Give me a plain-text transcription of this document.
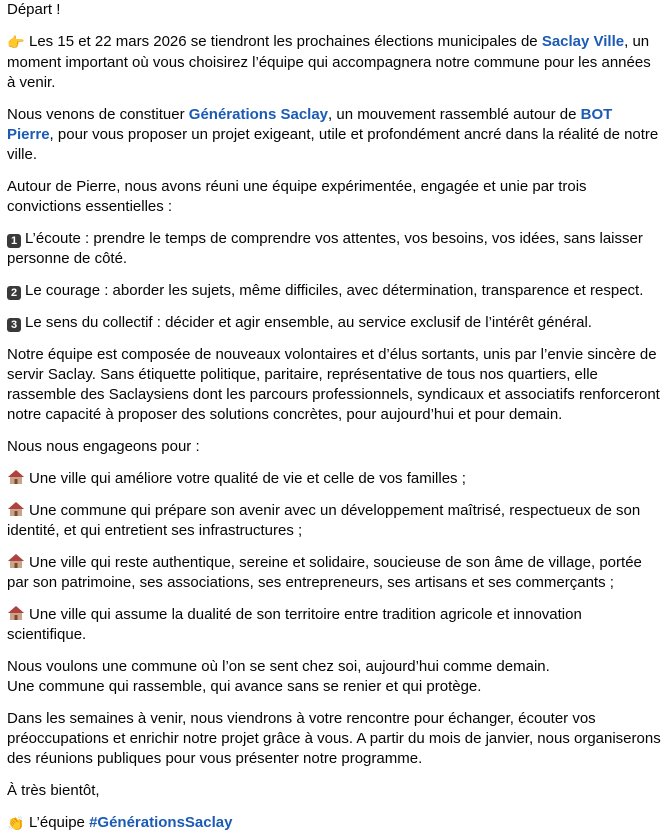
Départ !

👉 Les 15 et 22 mars 2026 se tiendront les prochaines élections municipales de Saclay Ville, un moment important où vous choisirez l’équipe qui accompagnera notre commune pour les années à venir.

Nous venons de constituer Générations Saclay, un mouvement rassemblé autour de BOT Pierre, pour vous proposer un projet exigeant, utile et profondément ancré dans la réalité de notre ville.

Autour de Pierre, nous avons réuni une équipe expérimentée, engagée et unie par trois convictions essentielles :

1 L’écoute : prendre le temps de comprendre vos attentes, vos besoins, vos idées, sans laisser personne de côté.

2 Le courage : aborder les sujets, même difficiles, avec détermination, transparence et respect.

3 Le sens du collectif : décider et agir ensemble, au service exclusif de l’intérêt général.

Notre équipe est composée de nouveaux volontaires et d’élus sortants, unis par l’envie sincère de servir Saclay. Sans étiquette politique, paritaire, représentative de tous nos quartiers, elle rassemble des Saclaysiens dont les parcours professionnels, syndicaux et associatifs renforceront notre capacité à proposer des solutions concrètes, pour aujourd’hui et pour demain.

Nous nous engageons pour :

Une ville qui améliore votre qualité de vie et celle de vos familles ;

Une commune qui prépare son avenir avec un développement maîtrisé, respectueux de son identité, et qui entretient ses infrastructures ;

Une ville qui reste authentique, sereine et solidaire, soucieuse de son âme de village, portée par son patrimoine, ses associations, ses entrepreneurs, ses artisans et ses commerçants ;

Une ville qui assume la dualité de son territoire entre tradition agricole et innovation scientifique.

Nous voulons une commune où l’on se sent chez soi, aujourd’hui comme demain.

Une commune qui rassemble, qui avance sans se renier et qui protège.

Dans les semaines à venir, nous viendrons à votre rencontre pour échanger, écouter vos préoccupations et enrichir notre projet grâce à vous. A partir du mois de janvier, nous organiserons des réunions publiques pour vous présenter notre programme.

À très bientôt,

👏 L’équipe #GénérationsSaclay
